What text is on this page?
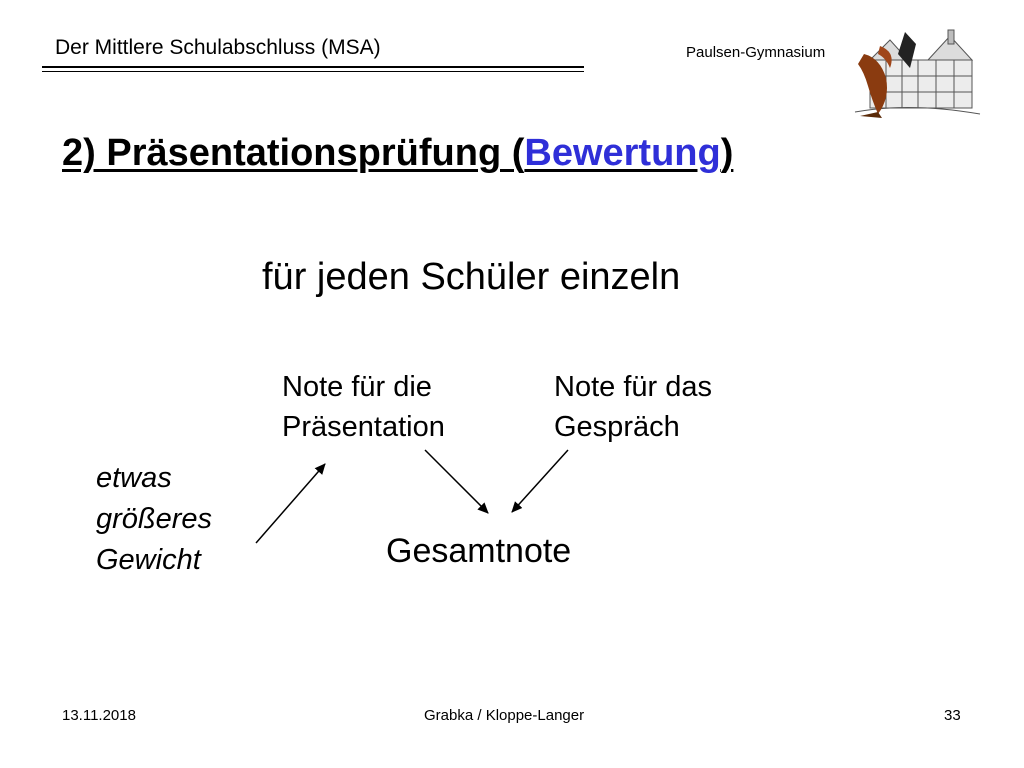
Der Mittlere Schulabschluss (MSA)	Paulsen-Gymnasium
2) Präsentationsprüfung (Bewertung)
für jeden Schüler einzeln
Note für die
Präsentation
Note für das
Gespräch
etwas
größeres
Gewicht	Gesamtnote
13.11.2018	Grabka / Kloppe-Langer	33
